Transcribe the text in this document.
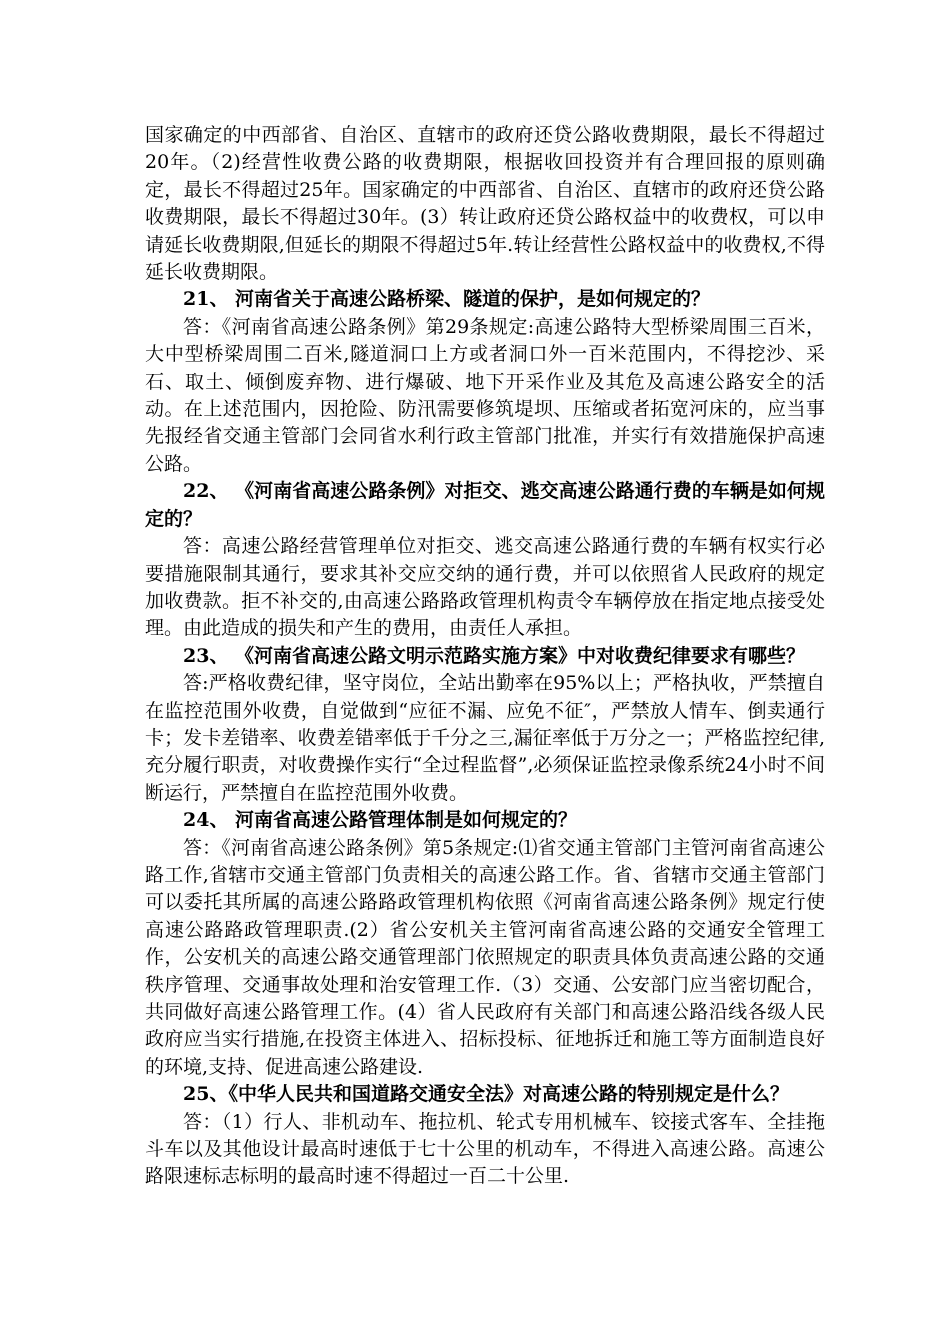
国家确定的中西部省、自治区、直辖市的政府还贷公路收费期限，最长不得超过20年。（2)经营性收费公路的收费期限，根据收回投资并有合理回报的原则确定，最长不得超过25年。国家确定的中西部省、自治区、直辖市的政府还贷公路收费期限，最长不得超过30年。(3）转让政府还贷公路权益中的收费权，可以申请延长收费期限,但延长的期限不得超过5年.转让经营性公路权益中的收费权,不得延长收费期限。

21、 河南省关于高速公路桥梁、隧道的保护，是如何规定的？

答：《河南省高速公路条例》第29条规定:高速公路特大型桥梁周围三百米，大中型桥梁周围二百米,隧道洞口上方或者洞口外一百米范围内，不得挖沙、采石、取土、倾倒废弃物、进行爆破、地下开采作业及其危及高速公路安全的活动。在上述范围内，因抢险、防汛需要修筑堤坝、压缩或者拓宽河床的，应当事先报经省交通主管部门会同省水利行政主管部门批准，并实行有效措施保护高速公路。

22、 《河南省高速公路条例》对拒交、逃交高速公路通行费的车辆是如何规定的？

答：高速公路经营管理单位对拒交、逃交高速公路通行费的车辆有权实行必要措施限制其通行，要求其补交应交纳的通行费，并可以依照省人民政府的规定加收费款。拒不补交的,由高速公路路政管理机构责令车辆停放在指定地点接受处理。由此造成的损失和产生的费用，由责任人承担。

23、 《河南省高速公路文明示范路实施方案》中对收费纪律要求有哪些？

答:严格收费纪律，坚守岗位，全站出勤率在95%以上；严格执收，严禁擅自在监控范围外收费，自觉做到“应征不漏、应免不征″，严禁放人情车、倒卖通行卡；发卡差错率、收费差错率低于千分之三,漏征率低于万分之一；严格监控纪律,充分履行职责，对收费操作实行“全过程监督”,必须保证监控录像系统24小时不间断运行，严禁擅自在监控范围外收费。

24、 河南省高速公路管理体制是如何规定的？

答：《河南省高速公路条例》第5条规定:⑴省交通主管部门主管河南省高速公路工作,省辖市交通主管部门负责相关的高速公路工作。省、省辖市交通主管部门可以委托其所属的高速公路路政管理机构依照《河南省高速公路条例》规定行使高速公路路政管理职责.(2）省公安机关主管河南省高速公路的交通安全管理工作，公安机关的高速公路交通管理部门依照规定的职责具体负责高速公路的交通秩序管理、交通事故处理和治安管理工作.（3）交通、公安部门应当密切配合，共同做好高速公路管理工作。(4）省人民政府有关部门和高速公路沿线各级人民政府应当实行措施,在投资主体进入、招标投标、征地拆迁和施工等方面制造良好的环境,支持、促进高速公路建设.

25、《中华人民共和国道路交通安全法》对高速公路的特别规定是什么？

答：（1）行人、非机动车、拖拉机、轮式专用机械车、铰接式客车、全挂拖斗车以及其他设计最高时速低于七十公里的机动车，不得进入高速公路。高速公路限速标志标明的最高时速不得超过一百二十公里.
